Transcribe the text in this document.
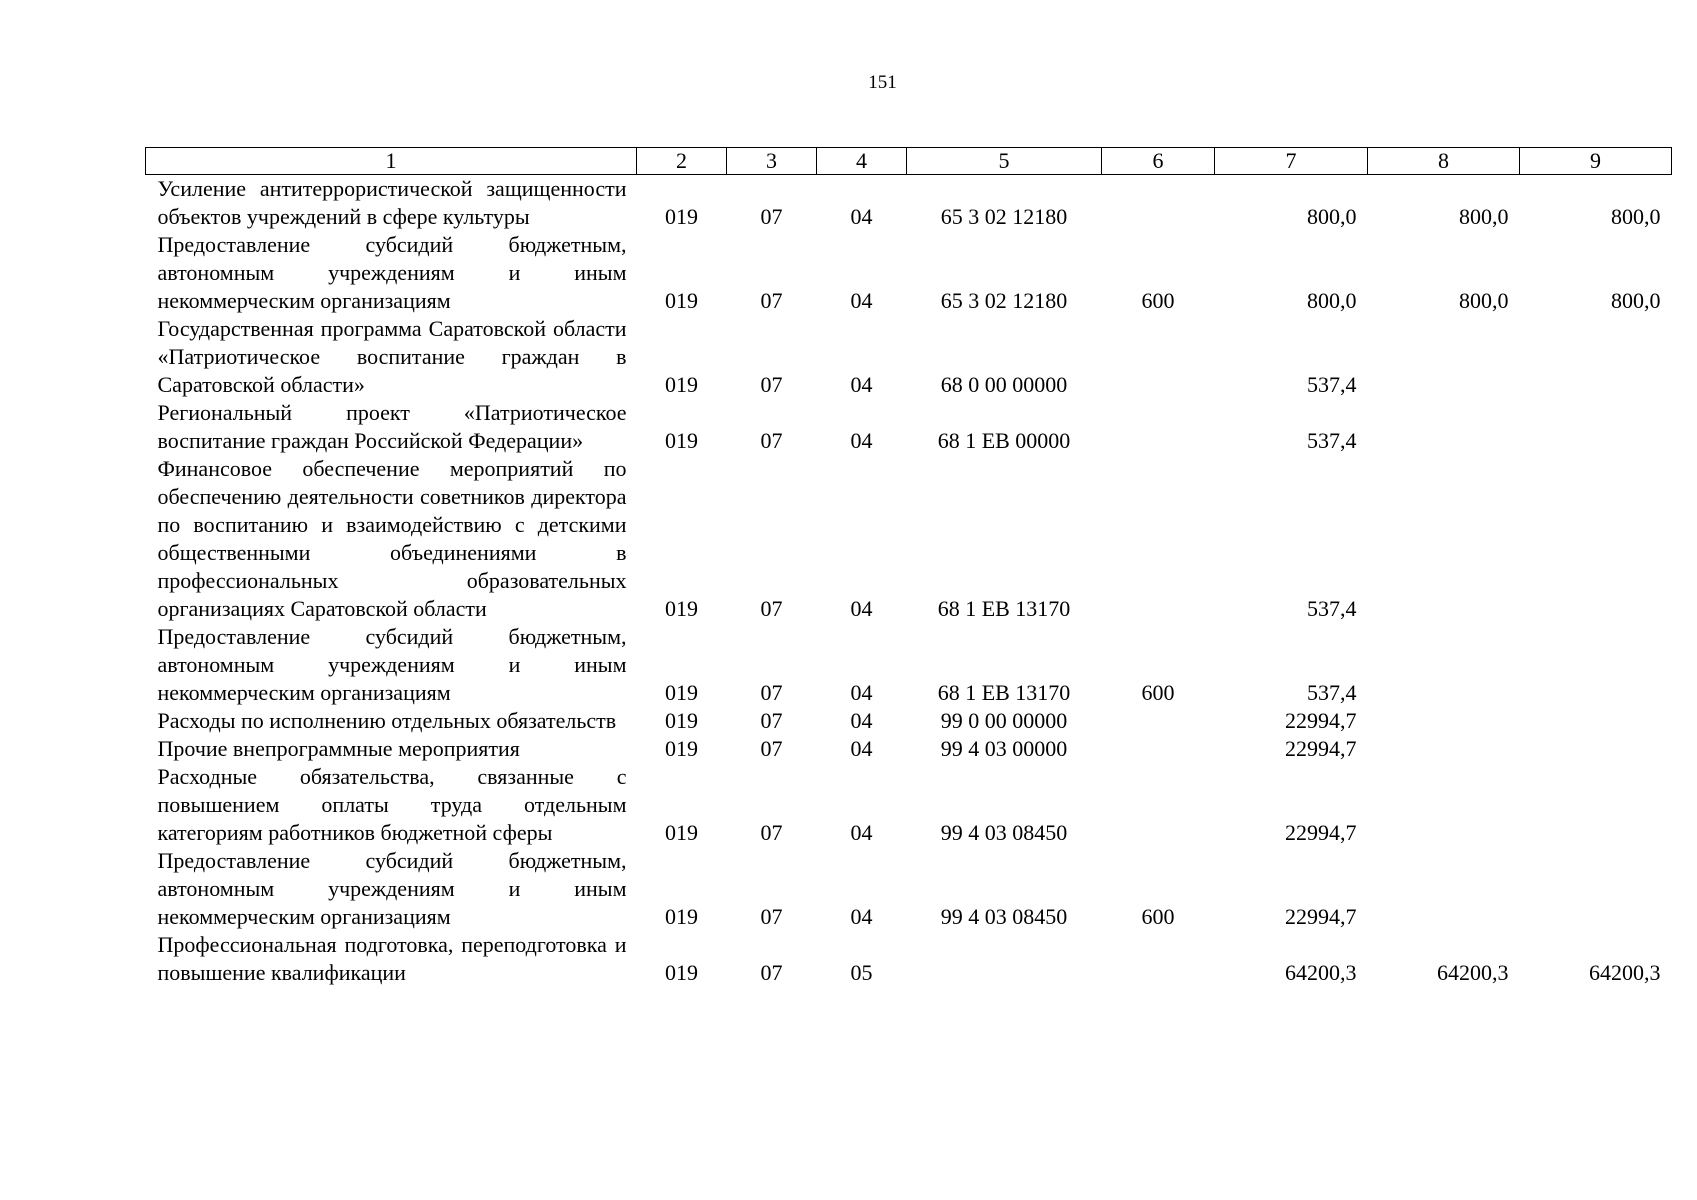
151
1	2	3	4	5	6	7	8	9
Усиление антитеррористической защищенности объектов учреждений в сфере культуры	019	07	04	65 3 02 12180		800,0	800,0	800,0
Предоставление субсидий бюджетным, автономным учреждениям и иным некоммерческим организациям	019	07	04	65 3 02 12180	600	800,0	800,0	800,0
Государственная программа Саратовской области «Патриотическое воспитание граждан в Саратовской области»	019	07	04	68 0 00 00000		537,4		
Региональный проект «Патриотическое воспитание граждан Российской Федерации»	019	07	04	68 1 EВ 00000		537,4		
Финансовое обеспечение мероприятий по обеспечению деятельности советников директора по воспитанию и взаимодействию с детскими общественными объединениями в профессиональных образовательных организациях Саратовской области	019	07	04	68 1 EВ 13170		537,4		
Предоставление субсидий бюджетным, автономным учреждениям и иным некоммерческим организациям	019	07	04	68 1 EВ 13170	600	537,4		
Расходы по исполнению отдельных обязательств	019	07	04	99 0 00 00000		22994,7		
Прочие внепрограммные мероприятия	019	07	04	99 4 03 00000		22994,7		
Расходные обязательства, связанные с повышением оплаты труда отдельным категориям работников бюджетной сферы	019	07	04	99 4 03 08450		22994,7		
Предоставление субсидий бюджетным, автономным учреждениям и иным некоммерческим организациям	019	07	04	99 4 03 08450	600	22994,7		
Профессиональная подготовка, переподготовка и повышение квалификации	019	07	05			64200,3	64200,3	64200,3
